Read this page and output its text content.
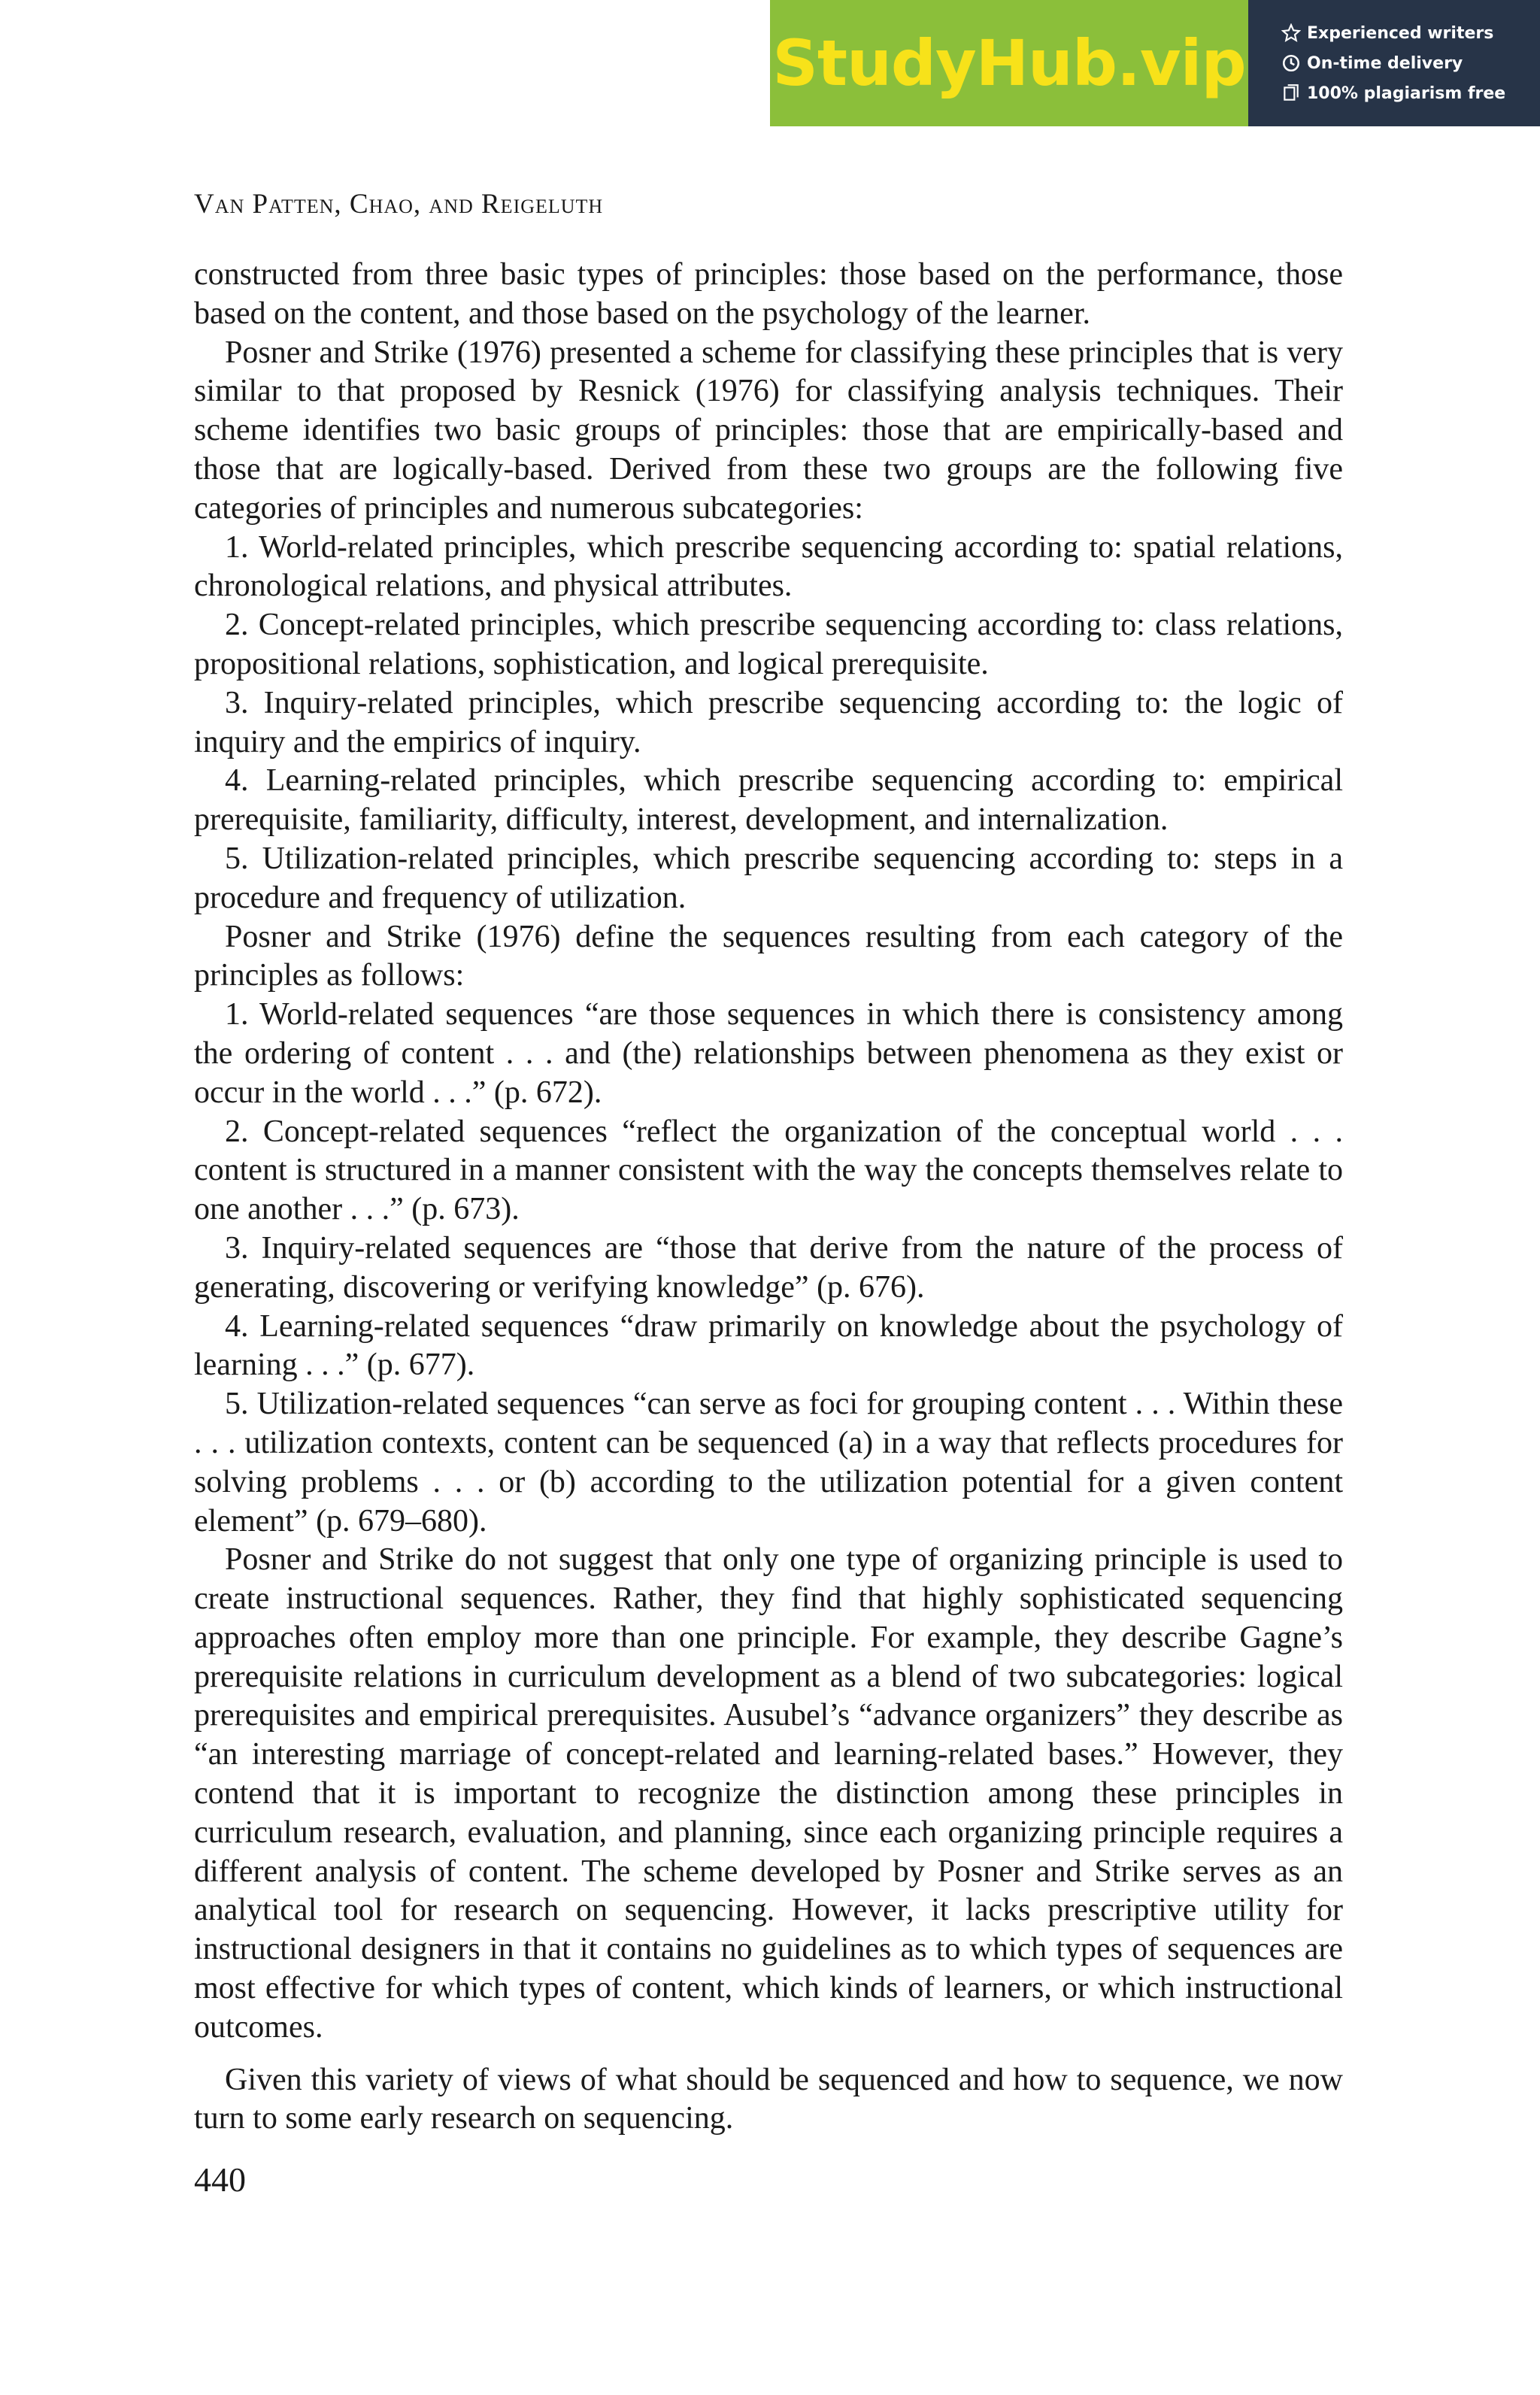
StudyHub.vip	Experienced writers
On-time delivery
100% plagiarism free
Van Patten, Chao, and Reigeluth

constructed from three basic types of principles: those based on the performance, those based on the content, and those based on the psychology of the learner.

Posner and Strike (1976) presented a scheme for classifying these principles that is very similar to that proposed by Resnick (1976) for classifying analysis techniques. Their scheme identifies two basic groups of principles: those that are empirically-based and those that are logically-based. Derived from these two groups are the following five categories of principles and numerous subcategories:

1. World-related principles, which prescribe sequencing according to: spatial relations, chronological relations, and physical attributes.

2. Concept-related principles, which prescribe sequencing according to: class relations, propositional relations, sophistication, and logical prerequisite.

3. Inquiry-related principles, which prescribe sequencing according to: the logic of inquiry and the empirics of inquiry.

4. Learning-related principles, which prescribe sequencing according to: empirical prerequisite, familiarity, difficulty, interest, development, and internalization.

5. Utilization-related principles, which prescribe sequencing according to: steps in a procedure and frequency of utilization.

Posner and Strike (1976) define the sequences resulting from each category of the principles as follows:

1. World-related sequences “are those sequences in which there is consistency among the ordering of content . . . and (the) relationships between phenomena as they exist or occur in the world . . .” (p. 672).

2. Concept-related sequences “reflect the organization of the conceptual world . . . content is structured in a manner consistent with the way the concepts themselves relate to one another . . .” (p. 673).

3. Inquiry-related sequences are “those that derive from the nature of the process of generating, discovering or verifying knowledge” (p. 676).

4. Learning-related sequences “draw primarily on knowledge about the psychology of learning . . .” (p. 677).

5. Utilization-related sequences “can serve as foci for grouping content . . . Within these . . . utilization contexts, content can be sequenced (a) in a way that reflects procedures for solving problems . . . or (b) according to the utilization potential for a given content element” (p. 679–680).

Posner and Strike do not suggest that only one type of organizing principle is used to create instructional sequences. Rather, they find that highly sophisticated sequencing approaches often employ more than one principle. For example, they describe Gagne’s prerequisite relations in curriculum development as a blend of two subcategories: logical prerequisites and empirical prerequisites. Ausubel’s “advance organizers” they describe as “an interesting marriage of concept-related and learning-related bases.” However, they contend that it is important to recognize the distinction among these principles in curriculum research, evaluation, and planning, since each organizing principle requires a different analysis of content. The scheme developed by Posner and Strike serves as an analytical tool for research on sequencing. However, it lacks prescriptive utility for instructional designers in that it contains no guidelines as to which types of sequences are most effective for which types of content, which kinds of learners, or which instructional outcomes.

Given this variety of views of what should be sequenced and how to sequence, we now turn to some early research on sequencing.

440
